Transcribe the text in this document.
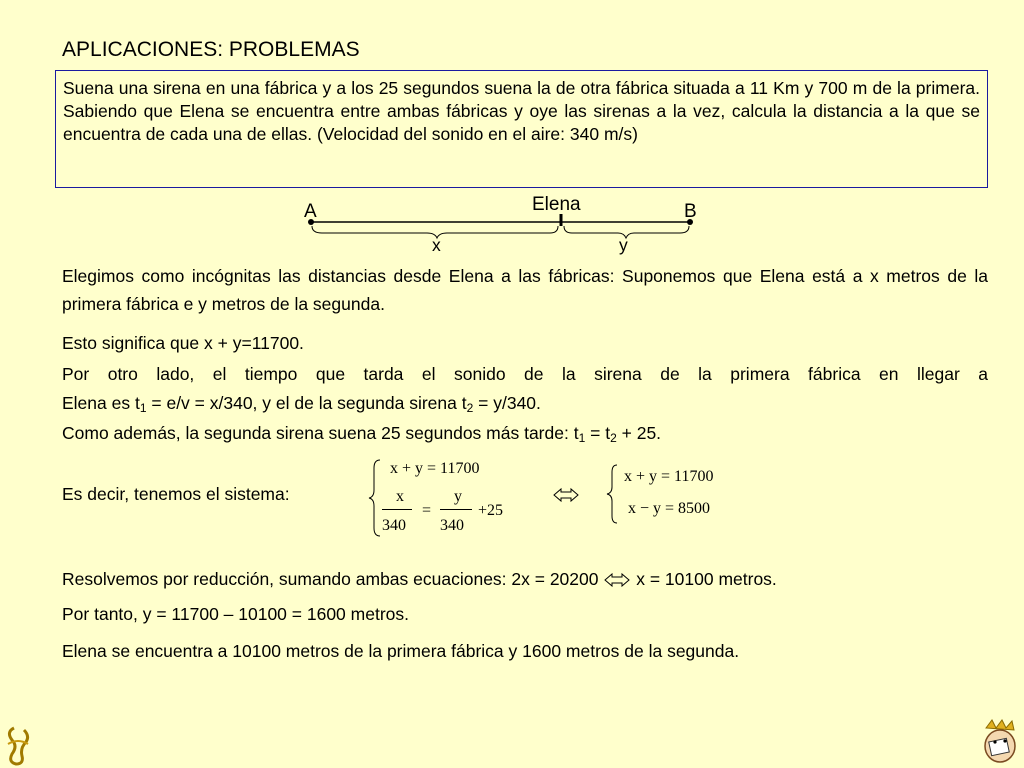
APLICACIONES: PROBLEMAS
Suena una sirena en una fábrica y a los 25 segundos suena la de otra fábrica situada a 11 Km y 700 m de la primera. Sabiendo que Elena se encuentra entre ambas fábricas y oye las sirenas a la vez, calcula la distancia a la que se encuentra de cada una de ellas. (Velocidad del sonido en el aire: 340 m/s)
A	B
Elena
x	y
Elegimos como incógnitas las distancias desde Elena a las fábricas: Suponemos que Elena está a x metros de la primera fábrica e y metros de la segunda.
Esto significa que x + y=11700.
Por otro lado, el tiempo que tarda el sonido de la sirena de la primera fábrica en llegar a
Elena es $t_1 = e/v = x/340$, y el de la segunda sirena $t_2 = y/340$.
Como además, la segunda sirena suena 25 segundos más tarde: $t_1 = t_2 + 25$.
Es decir, tenemos el sistema:
x + y = 11700
x
340
=
y
340
+25
x + y = 11700
x − y = 8500
Resolvemos por reducción, sumando ambas ecuaciones: 2x = 20200  x = 10100 metros.
Por tanto, y = 11700 – 10100 = 1600 metros.
Elena se encuentra a 10100 metros de la primera fábrica y 1600 metros de la segunda.
